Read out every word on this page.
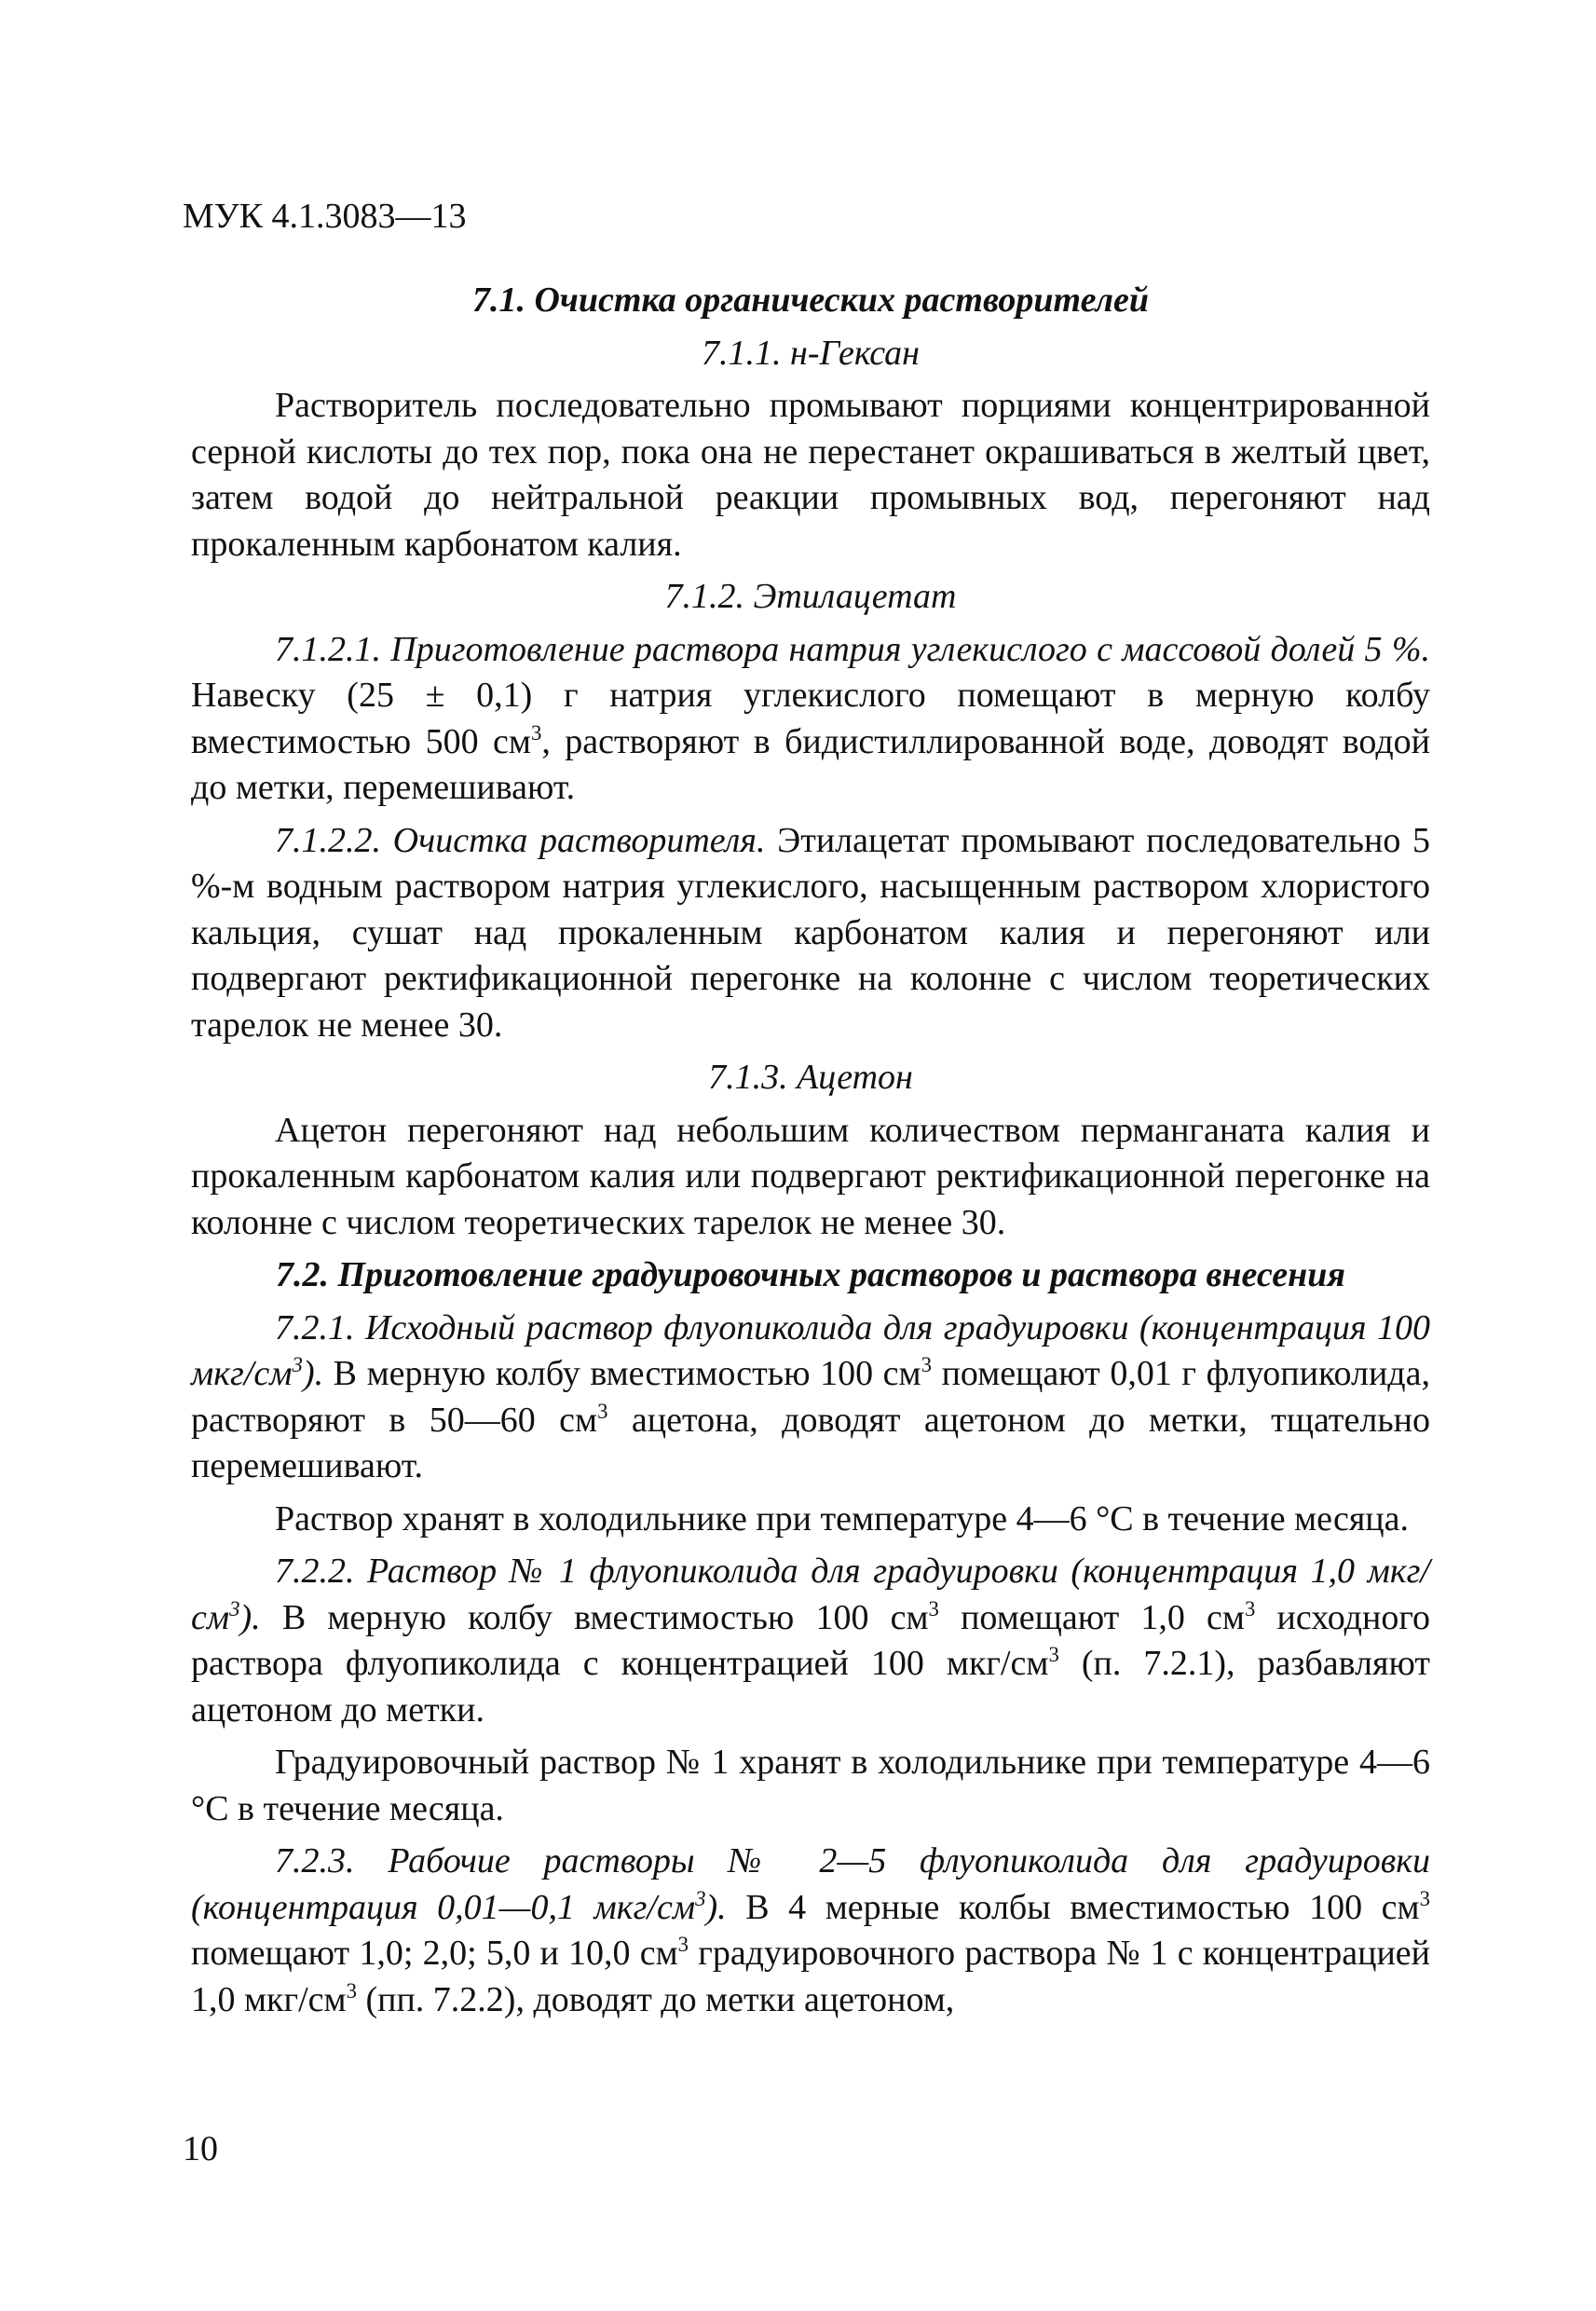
МУК 4.1.3083—13
7.1. Очистка органических растворителей
7.1.1. н-Гексан

Растворитель последовательно промывают порциями концентрированной серной кислоты до тех пор, пока она не перестанет окрашиваться в желтый цвет, затем водой до нейтральной реакции промывных вод, перегоняют над прокаленным карбонатом калия.

7.1.2. Этилацетат

7.1.2.1. Приготовление раствора натрия углекислого с массовой долей 5 %. Навеску (25 ± 0,1) г натрия углекислого помещают в мерную колбу вместимостью 500 $см^3$, растворяют в бидистиллированной воде, доводят водой до метки, перемешивают.

7.1.2.2. Очистка растворителя. Этилацетат промывают последовательно 5 %-м водным раствором натрия углекислого, насыщенным раствором хлористого кальция, сушат над прокаленным карбонатом калия и перегоняют или подвергают ректификационной перегонке на колонне с числом теоретических тарелок не менее 30.

7.1.3. Ацетон

Ацетон перегоняют над небольшим количеством перманганата калия и прокаленным карбонатом калия или подвергают ректификационной перегонке на колонне с числом теоретических тарелок не менее 30.

7.2. Приготовление градуировочных растворов и раствора внесения

7.2.1. Исходный раствор флуопиколида для градуировки (концентрация 100 мкг/$см^3$). В мерную колбу вместимостью 100 $см^3$ помещают 0,01 г флуопиколида, растворяют в 50—60 $см^3$ ацетона, доводят ацетоном до метки, тщательно перемешивают.

Раствор хранят в холодильнике при температуре 4—6 °С в течение месяца.

7.2.2. Раствор № 1 флуопиколида для градуировки (концентрация 1,0 мкг/$см^3$). В мерную колбу вместимостью 100 $см^3$ помещают 1,0 $см^3$ исходного раствора флуопиколида с концентрацией 100 мкг/$см^3$ (п. 7.2.1), разбавляют ацетоном до метки.

Градуировочный раствор № 1 хранят в холодильнике при температуре 4—6 °С в течение месяца.

7.2.3. Рабочие растворы № 2—5 флуопиколида для градуировки (концентрация 0,01—0,1 мкг/$см^3$). В 4 мерные колбы вместимостью 100 $см^3$ помещают 1,0; 2,0; 5,0 и 10,0 $см^3$ градуировочного раствора № 1 с концентрацией 1,0 мкг/$см^3$ (пп. 7.2.2), доводят до метки ацетоном,

10
